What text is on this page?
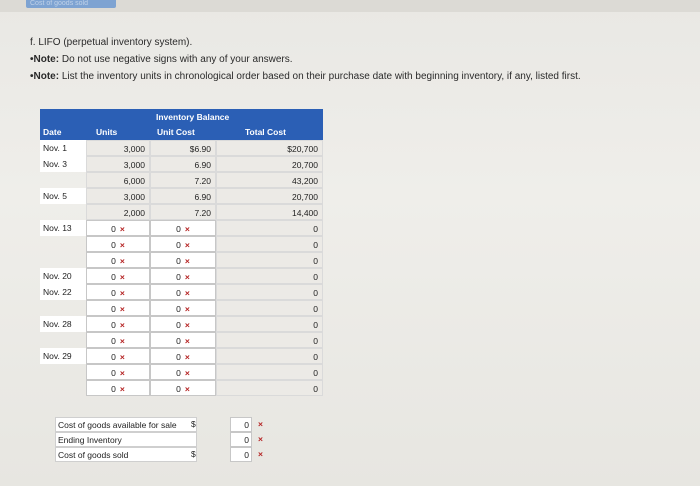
Cost of goods sold
f. LIFO (perpetual inventory system).
•Note: Do not use negative signs with any of your answers.
•Note: List the inventory units in chronological order based on their purchase date with beginning inventory, if any, listed first.
Inventory Balance
Date	Units	Unit Cost	Total Cost
Nov. 1	3,000	$6.90	$20,700
Nov. 3	3,000	6.90	20,700
6,000	7.20	43,200
Nov. 5	3,000	6.90	20,700
2,000	7.20	14,400
Nov. 13	0 ×	0 ×	0
0 ×	0 ×	0
0 ×	0 ×	0
Nov. 20	0 ×	0 ×	0
Nov. 22	0 ×	0 ×	0
0 ×	0 ×	0
Nov. 28	0 ×	0 ×	0
0 ×	0 ×	0
Nov. 29	0 ×	0 ×	0
0 ×	0 ×	0
0 ×	0 ×	0
Cost of goods available for sale	$	0	×
Ending Inventory	0	×
Cost of goods sold	$	0	×
